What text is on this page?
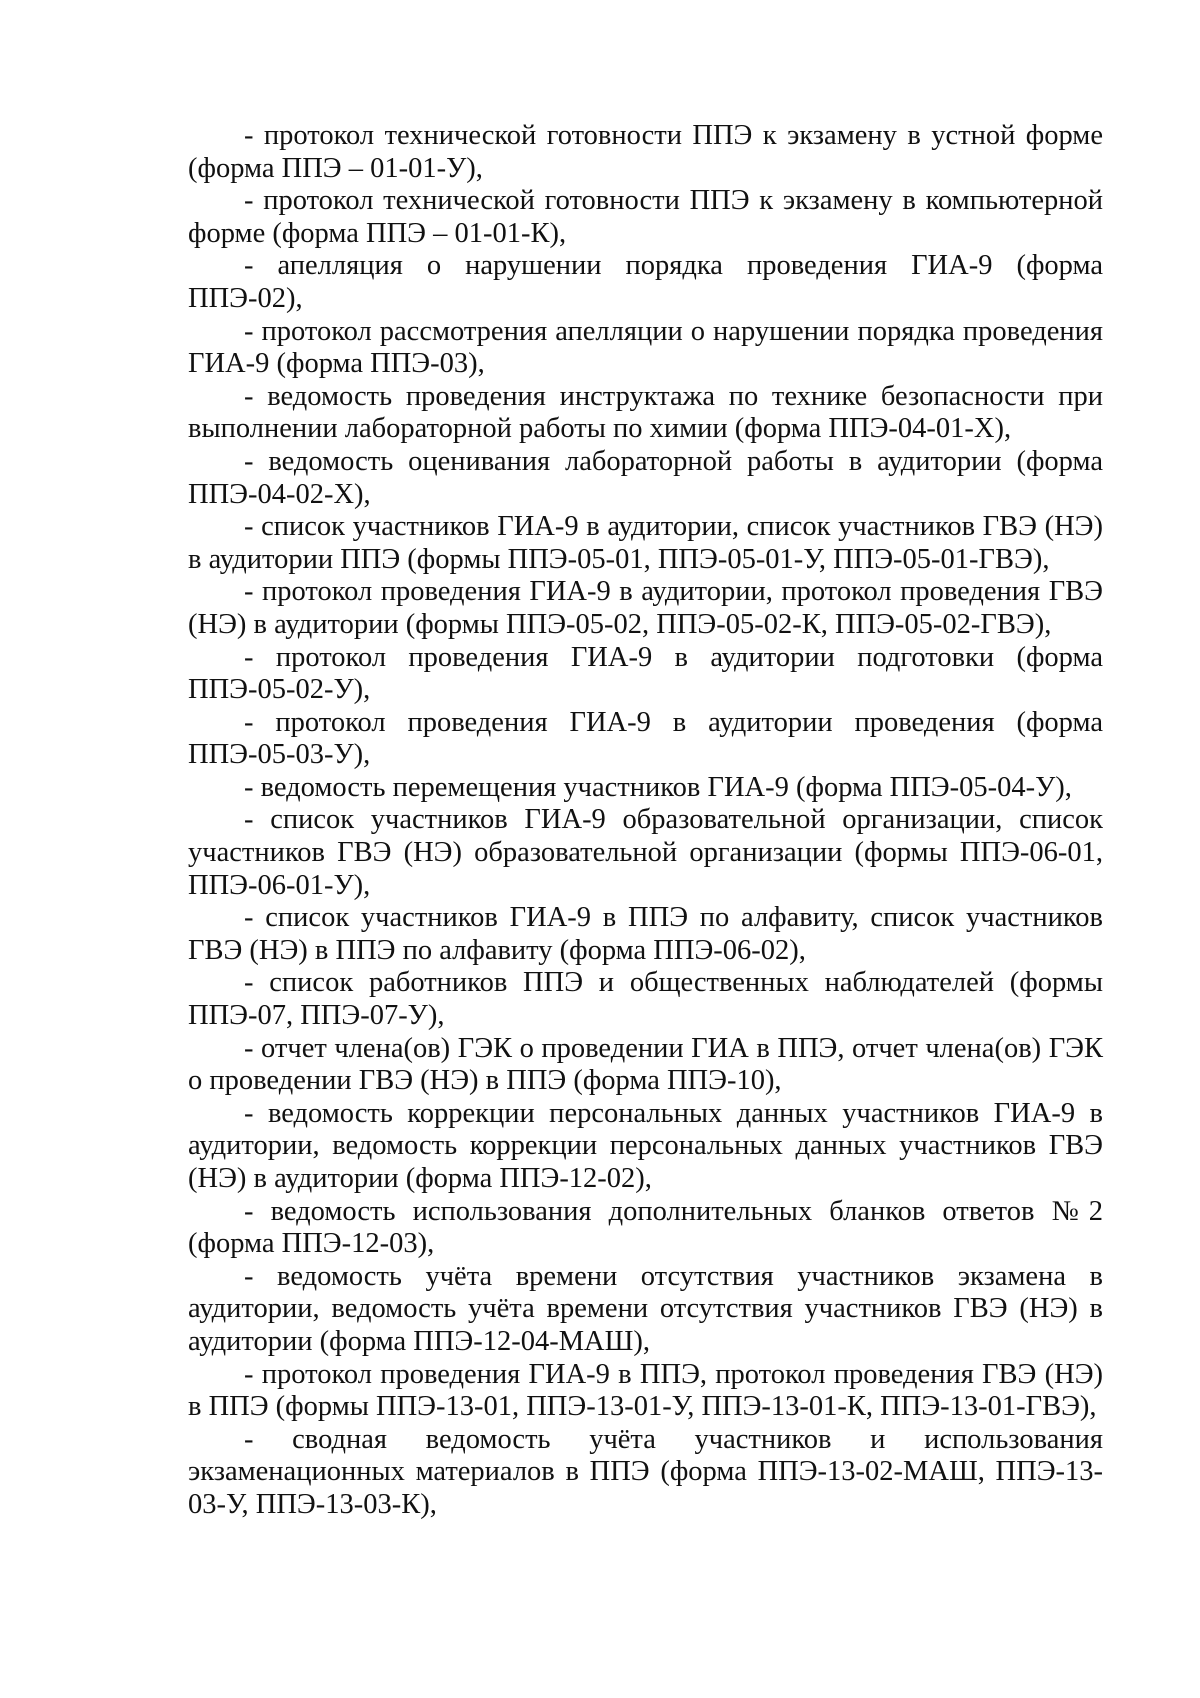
- протокол технической готовности ППЭ к экзамену в устной форме (форма ППЭ – 01-01-У),

- протокол технической готовности ППЭ к экзамену в компьютерной форме (форма ППЭ – 01-01-К),

- апелляция о нарушении порядка проведения ГИА-9 (форма ППЭ-02),

- протокол рассмотрения апелляции о нарушении порядка проведения ГИА-9 (форма ППЭ-03),

- ведомость проведения инструктажа по технике безопасности при выполнении лабораторной работы по химии (форма ППЭ-04-01-Х),

- ведомость оценивания лабораторной работы в аудитории (форма ППЭ-04-02-Х),

- список участников ГИА-9 в аудитории, список участников ГВЭ (НЭ) в аудитории ППЭ (формы ППЭ-05-01, ППЭ-05-01-У, ППЭ-05-01-ГВЭ),

- протокол проведения ГИА-9 в аудитории, протокол проведения ГВЭ (НЭ) в аудитории (формы ППЭ-05-02, ППЭ-05-02-К, ППЭ-05-02-ГВЭ),

- протокол проведения ГИА-9 в аудитории подготовки (форма ППЭ-05-02-У),

- протокол проведения ГИА-9 в аудитории проведения (форма ППЭ-05-03-У),

- ведомость перемещения участников ГИА-9 (форма ППЭ-05-04-У),

- список участников ГИА-9 образовательной организации, список участников ГВЭ (НЭ) образовательной организации (формы ППЭ-06-01, ППЭ-06-01-У),

- список участников ГИА-9 в ППЭ по алфавиту, список участников ГВЭ (НЭ) в ППЭ по алфавиту (форма ППЭ-06-02),

- список работников ППЭ и общественных наблюдателей (формы ППЭ-07, ППЭ-07-У),

- отчет члена(ов) ГЭК о проведении ГИА в ППЭ, отчет члена(ов) ГЭК о проведении ГВЭ (НЭ) в ППЭ (форма ППЭ-10),

- ведомость коррекции персональных данных участников ГИА-9 в аудитории, ведомость коррекции персональных данных участников ГВЭ (НЭ) в аудитории (форма ППЭ-12-02),

- ведомость использования дополнительных бланков ответов №2 (форма ППЭ-12-03),

- ведомость учёта времени отсутствия участников экзамена в аудитории, ведомость учёта времени отсутствия участников ГВЭ (НЭ) в аудитории (форма ППЭ-12-04-МАШ),

- протокол проведения ГИА-9 в ППЭ, протокол проведения ГВЭ (НЭ) в ППЭ (формы ППЭ-13-01, ППЭ-13-01-У, ППЭ-13-01-К, ППЭ-13-01-ГВЭ),

- сводная ведомость учёта участников и использования экзаменационных материалов в ППЭ (форма ППЭ-13-02-МАШ, ППЭ-13-03-У, ППЭ-13-03-К),
